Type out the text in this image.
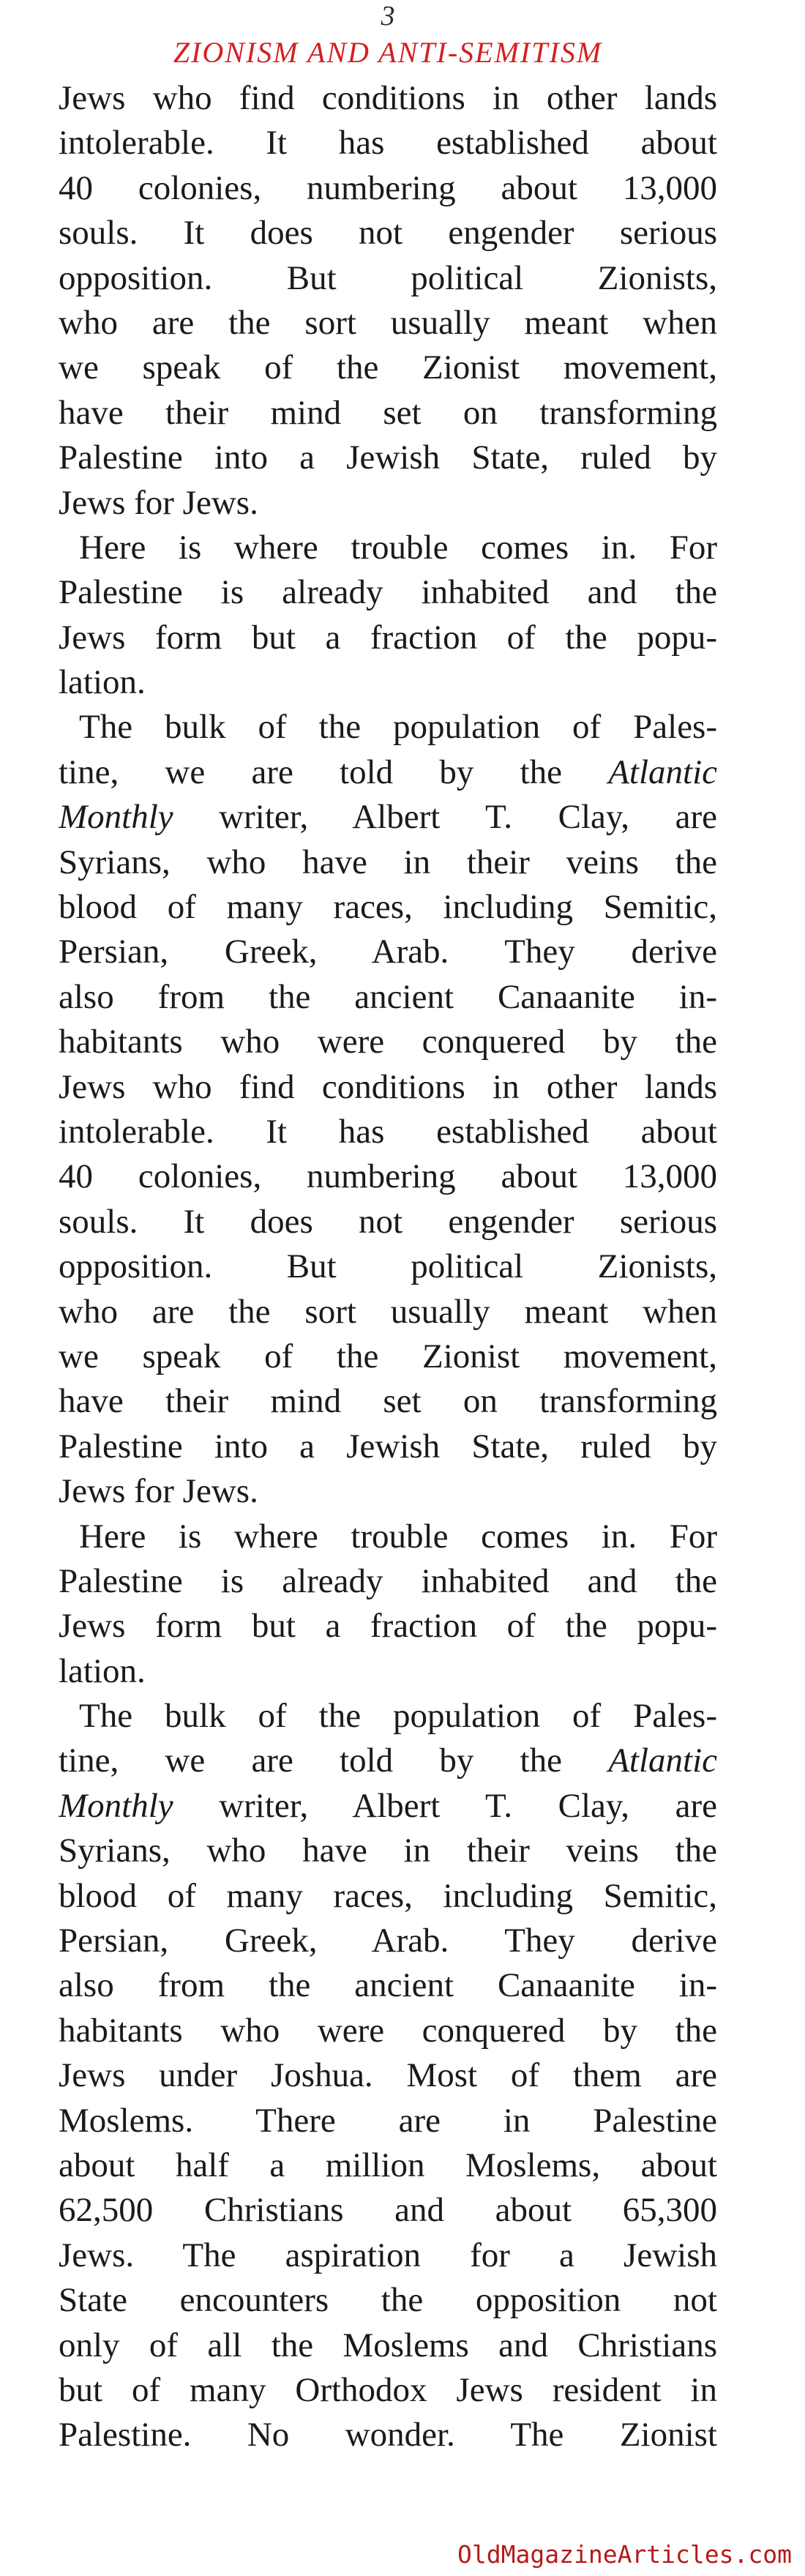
3
ZIONISM AND ANTI-SEMITISM
Jews who find conditions in other lands
intolerable. It has established about
40 colonies, numbering about 13,000
souls. It does not engender serious
opposition. But political Zionists,
who are the sort usually meant when
we speak of the Zionist movement,
have their mind set on transforming
Palestine into a Jewish State, ruled by
Jews for Jews.
Here is where trouble comes in. For
Palestine is already inhabited and the
Jews form but a fraction of the popu-
lation.
The bulk of the population of Pales-
tine, we are told by the Atlantic
Monthly writer, Albert T. Clay, are
Syrians, who have in their veins the
blood of many races, including Semitic,
Persian, Greek, Arab. They derive
also from the ancient Canaanite in-
habitants who were conquered by the
Jews who find conditions in other lands
intolerable. It has established about
40 colonies, numbering about 13,000
souls. It does not engender serious
opposition. But political Zionists,
who are the sort usually meant when
we speak of the Zionist movement,
have their mind set on transforming
Palestine into a Jewish State, ruled by
Jews for Jews.
Here is where trouble comes in. For
Palestine is already inhabited and the
Jews form but a fraction of the popu-
lation.
The bulk of the population of Pales-
tine, we are told by the Atlantic
Monthly writer, Albert T. Clay, are
Syrians, who have in their veins the
blood of many races, including Semitic,
Persian, Greek, Arab. They derive
also from the ancient Canaanite in-
habitants who were conquered by the
Jews under Joshua. Most of them are
Moslems. There are in Palestine
about half a million Moslems, about
62,500 Christians and about 65,300
Jews. The aspiration for a Jewish
State encounters the opposition not
only of all the Moslems and Christians
but of many Orthodox Jews resident in
Palestine. No wonder. The Zionist
OldMagazineArticles.com
